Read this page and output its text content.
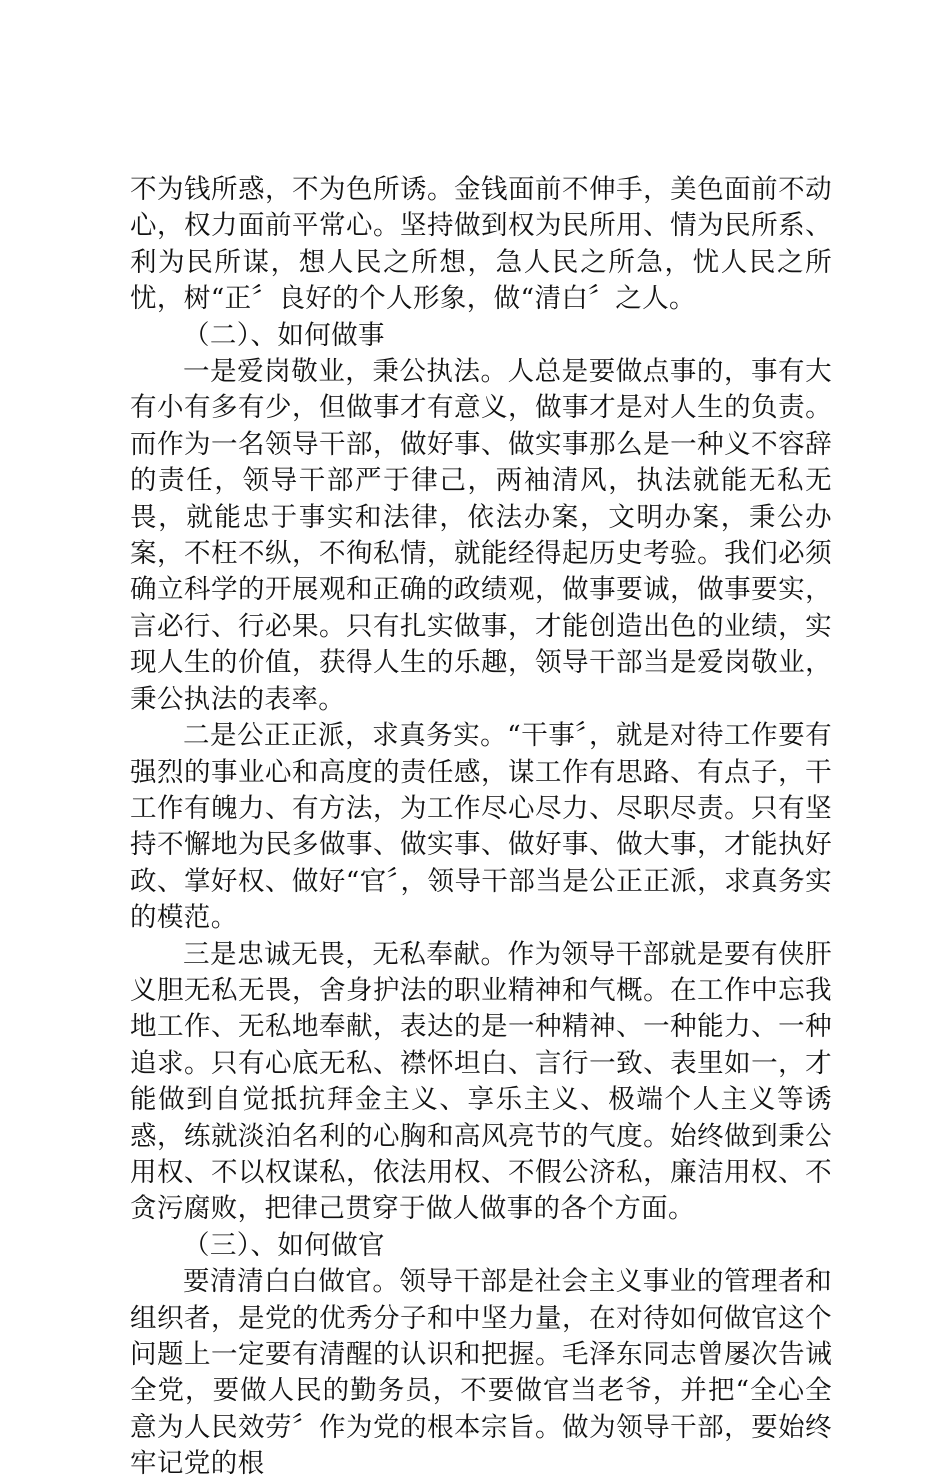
不为钱所惑，不为色所诱。金钱面前不伸手，美色面前不动心，权力面前平常心。坚持做到权为民所用、情为民所系、利为民所谋，想人民之所想，急人民之所急，忧人民之所忧，树“正〞良好的个人形象，做“清白〞之人。

（二）、如何做事

一是爱岗敬业，秉公执法。人总是要做点事的，事有大有小有多有少，但做事才有意义，做事才是对人生的负责。而作为一名领导干部，做好事、做实事那么是一种义不容辞的责任，领导干部严于律己，两袖清风，执法就能无私无畏，就能忠于事实和法律，依法办案，文明办案，秉公办案，不枉不纵，不徇私情，就能经得起历史考验。我们必须确立科学的开展观和正确的政绩观，做事要诚，做事要实，言必行、行必果。只有扎实做事，才能创造出色的业绩，实现人生的价值，获得人生的乐趣，领导干部当是爱岗敬业，秉公执法的表率。

二是公正正派，求真务实。“干事〞，就是对待工作要有强烈的事业心和高度的责任感，谋工作有思路、有点子，干工作有魄力、有方法，为工作尽心尽力、尽职尽责。只有坚持不懈地为民多做事、做实事、做好事、做大事，才能执好政、掌好权、做好“官〞，领导干部当是公正正派，求真务实的模范。

三是忠诚无畏，无私奉献。作为领导干部就是要有侠肝义胆无私无畏，舍身护法的职业精神和气概。在工作中忘我地工作、无私地奉献，表达的是一种精神、一种能力、一种追求。只有心底无私、襟怀坦白、言行一致、表里如一，才能做到自觉抵抗拜金主义、享乐主义、极端个人主义等诱惑，练就淡泊名利的心胸和高风亮节的气度。始终做到秉公用权、不以权谋私，依法用权、不假公济私，廉洁用权、不贪污腐败，把律己贯穿于做人做事的各个方面。

（三）、如何做官

要清清白白做官。领导干部是社会主义事业的管理者和组织者，是党的优秀分子和中坚力量，在对待如何做官这个问题上一定要有清醒的认识和把握。毛泽东同志曾屡次告诫全党，要做人民的勤务员，不要做官当老爷，并把“全心全意为人民效劳〞作为党的根本宗旨。做为领导干部，要始终牢记党的根
